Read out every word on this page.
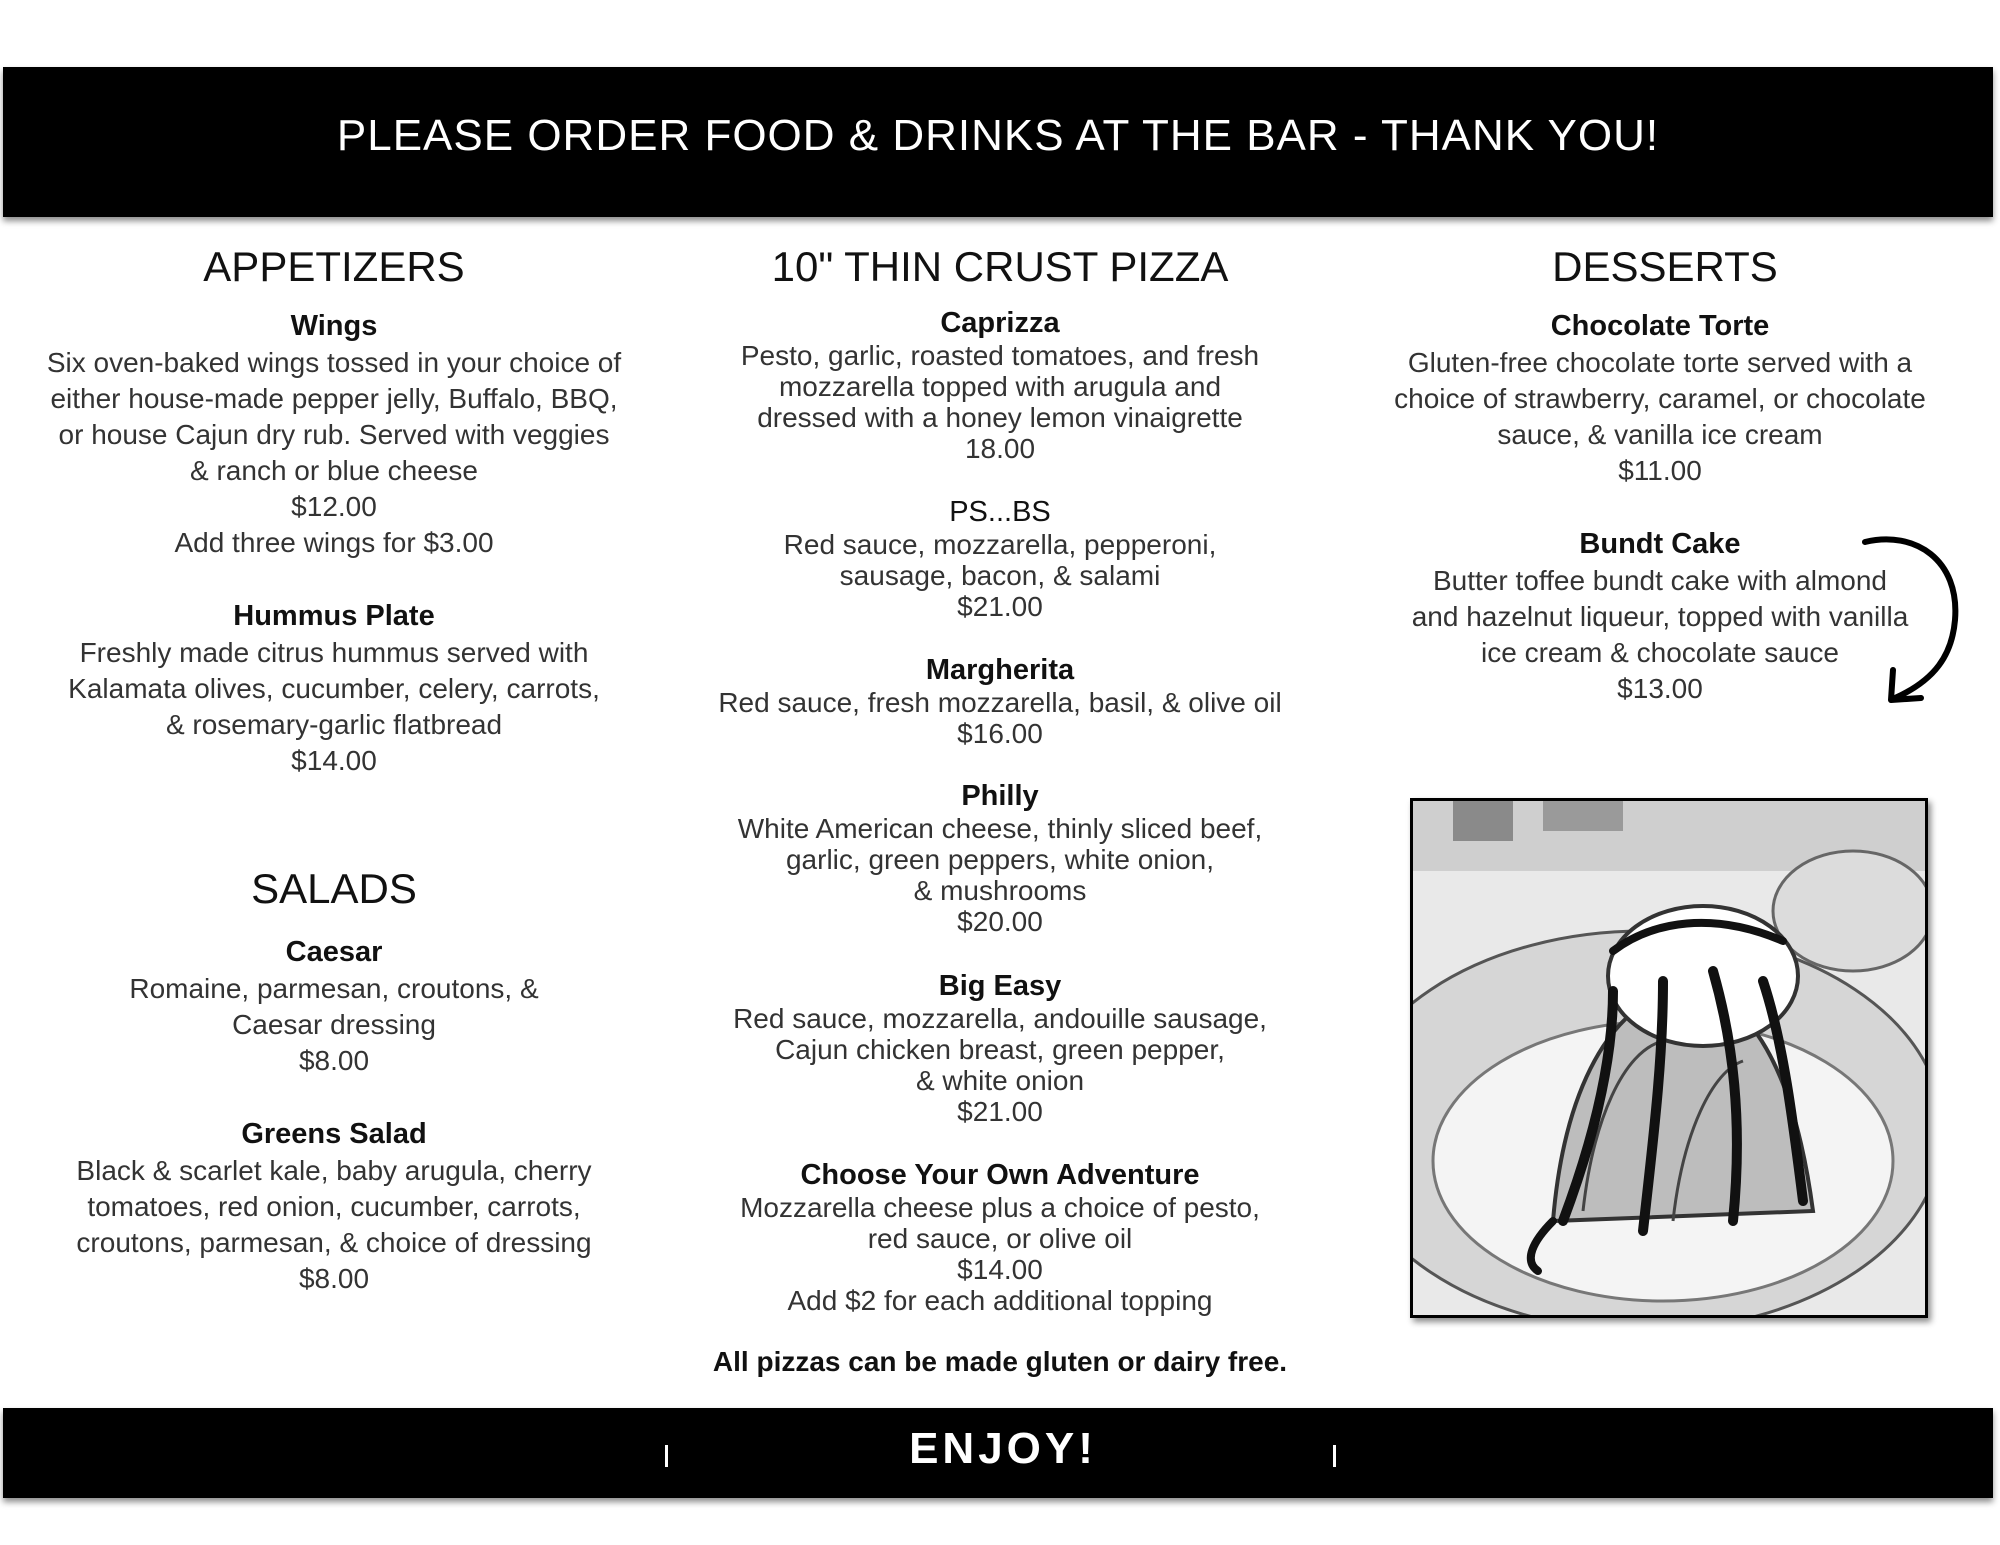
PLEASE ORDER FOOD & DRINKS AT THE BAR - THANK YOU!
APPETIZERS
Wings
Six oven-baked wings tossed in your choice of
either house-made pepper jelly, Buffalo, BBQ,
or house Cajun dry rub. Served with veggies
& ranch or blue cheese
$12.00
Add three wings for $3.00
Hummus Plate
Freshly made citrus hummus served with
Kalamata olives, cucumber, celery, carrots,
& rosemary-garlic flatbread
$14.00
SALADS
Caesar
Romaine, parmesan, croutons, &
Caesar dressing
$8.00
Greens Salad
Black & scarlet kale, baby arugula, cherry
tomatoes, red onion, cucumber, carrots,
croutons, parmesan, & choice of dressing
$8.00
10" THIN CRUST PIZZA
Caprizza
Pesto, garlic, roasted tomatoes, and fresh
mozzarella topped with arugula and
dressed with a honey lemon vinaigrette
18.00
PS...BS
Red sauce, mozzarella, pepperoni,
sausage, bacon, & salami
$21.00
Margherita
Red sauce, fresh mozzarella, basil, & olive oil
$16.00
Philly
White American cheese, thinly sliced beef,
garlic, green peppers, white onion,
& mushrooms
$20.00
Big Easy
Red sauce, mozzarella, andouille sausage,
Cajun chicken breast, green pepper,
& white onion
$21.00
Choose Your Own Adventure
Mozzarella cheese plus a choice of pesto,
red sauce, or olive oil
$14.00
Add $2 for each additional topping
All pizzas can be made gluten or dairy free.
DESSERTS
Chocolate Torte
Gluten-free chocolate torte served with a
choice of strawberry, caramel, or chocolate
sauce, & vanilla ice cream
$11.00
Bundt Cake
Butter toffee bundt cake with almond
and hazelnut liqueur, topped with vanilla
ice cream & chocolate sauce
$13.00
ENJOY!
